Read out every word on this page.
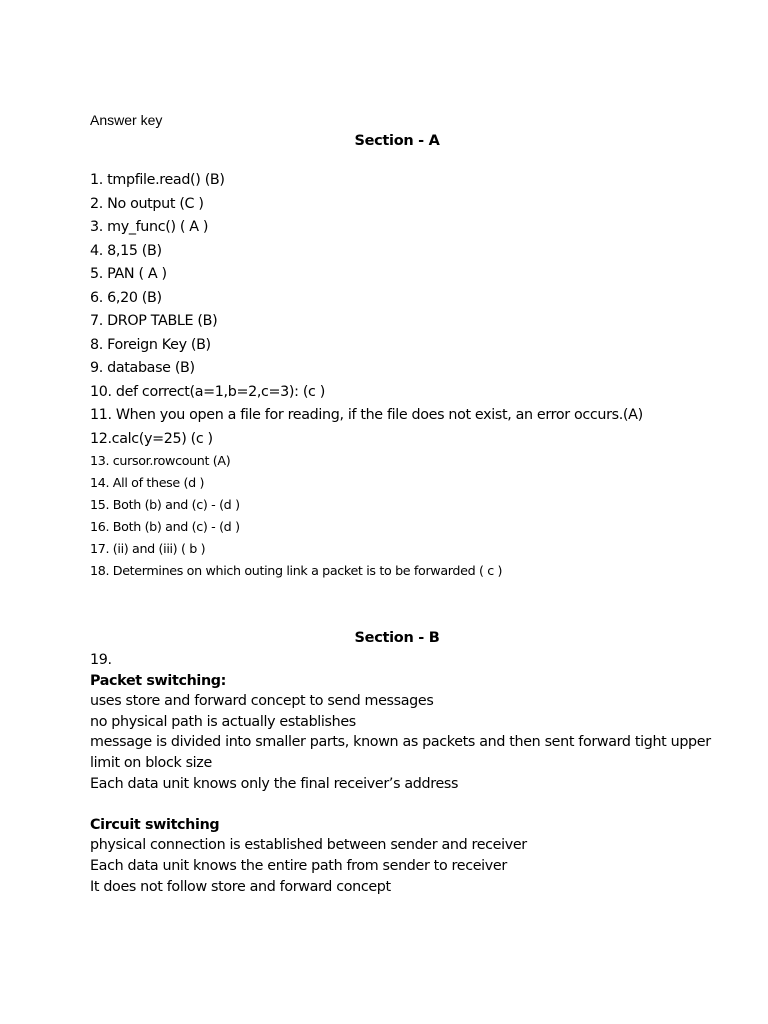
Answer key
Section - A
1. tmpfile.read() (B)
2. No output (C )
3. my_func() ( A )
4. 8,15 (B)
5. PAN ( A )
6. 6,20 (B)
7. DROP TABLE (B)
8. Foreign Key (B)
9. database (B)
10. def correct(a=1,b=2,c=3): (c )
11. When you open a file for reading, if the file does not exist, an error occurs.(A)
12.calc(y=25) (c )
13. cursor.rowcount (A)
14. All of these (d )
15. Both (b) and (c) - (d )
16. Both (b) and (c) - (d )
17. (ii) and (iii) ( b )
18. Determines on which outing link a packet is to be forwarded ( c )
Section - B
19.
Packet switching:
uses store and forward concept to send messages
no physical path is actually establishes
message is divided into smaller parts, known as packets and then sent forward tight upper limit on block size
Each data unit knows only the final receiver’s address
Circuit switching
physical connection is established between sender and receiver
Each data unit knows the entire path from sender to receiver
It does not follow store and forward concept
